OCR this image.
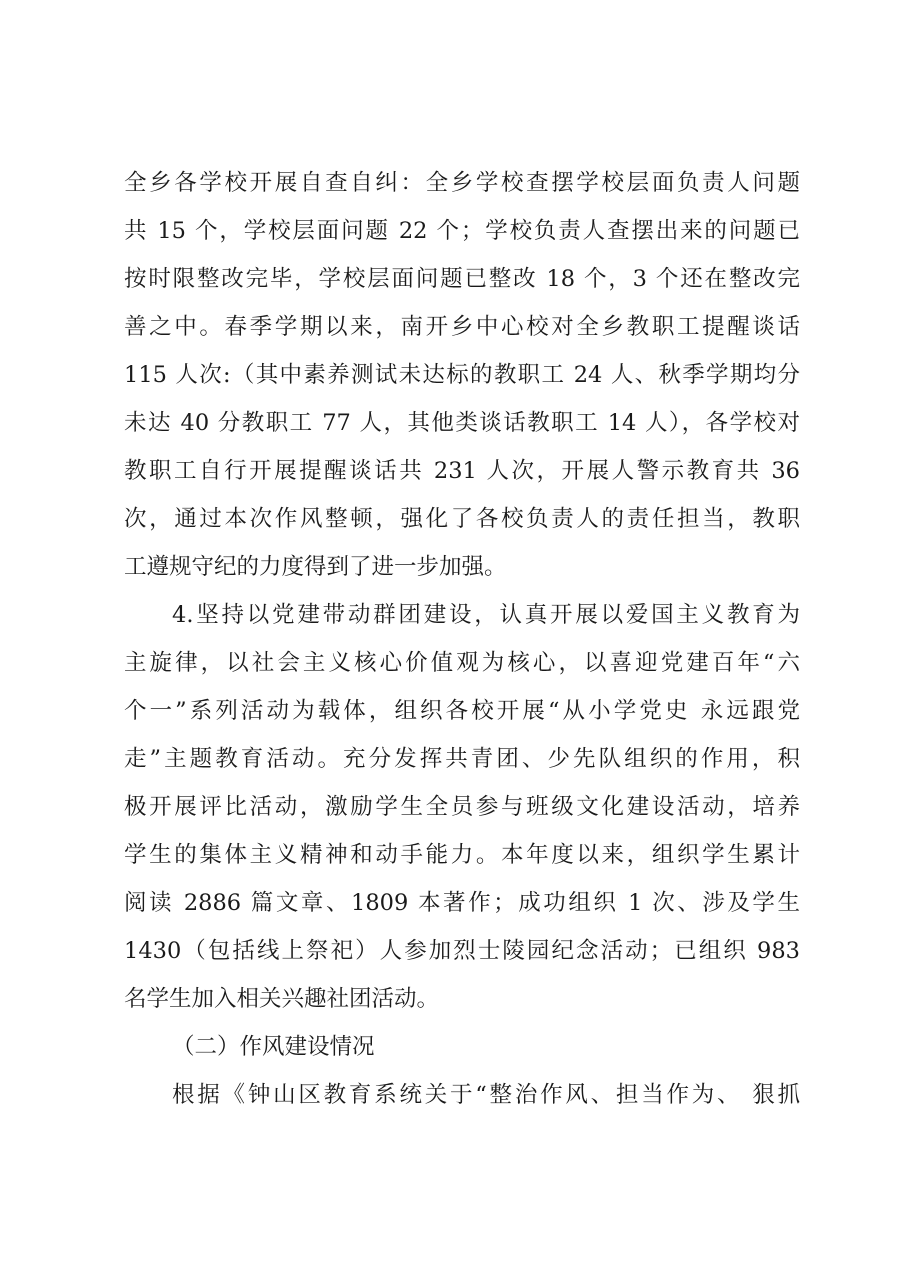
全乡各学校开展自查自纠：全乡学校查摆学校层面负责人问题

共 15 个，学校层面问题 22 个；学校负责人查摆出来的问题已

按时限整改完毕，学校层面问题已整改 18 个，3 个还在整改完

善之中。春季学期以来，南开乡中心校对全乡教职工提醒谈话

115 人次:（其中素养测试未达标的教职工 24 人、秋季学期均分

未达 40 分教职工 77 人，其他类谈话教职工 14 人），各学校对

教职工自行开展提醒谈话共 231 人次，开展人警示教育共 36

次，通过本次作风整顿，强化了各校负责人的责任担当，教职

工遵规守纪的力度得到了进一步加强。

4.坚持以党建带动群团建设，认真开展以爱国主义教育为

主旋律，以社会主义核心价值观为核心，以喜迎党建百年“六

个一”系列活动为载体，组织各校开展“从小学党史 永远跟党

走”主题教育活动。充分发挥共青团、少先队组织的作用，积

极开展评比活动，激励学生全员参与班级文化建设活动，培养

学生的集体主义精神和动手能力。本年度以来，组织学生累计

阅读 2886 篇文章、1809 本著作；成功组织 1 次、涉及学生

1430（包括线上祭祀）人参加烈士陵园纪念活动；已组织 983

名学生加入相关兴趣社团活动。

（二）作风建设情况

根据《钟山区教育系统关于“整治作风、担当作为、 狠抓
